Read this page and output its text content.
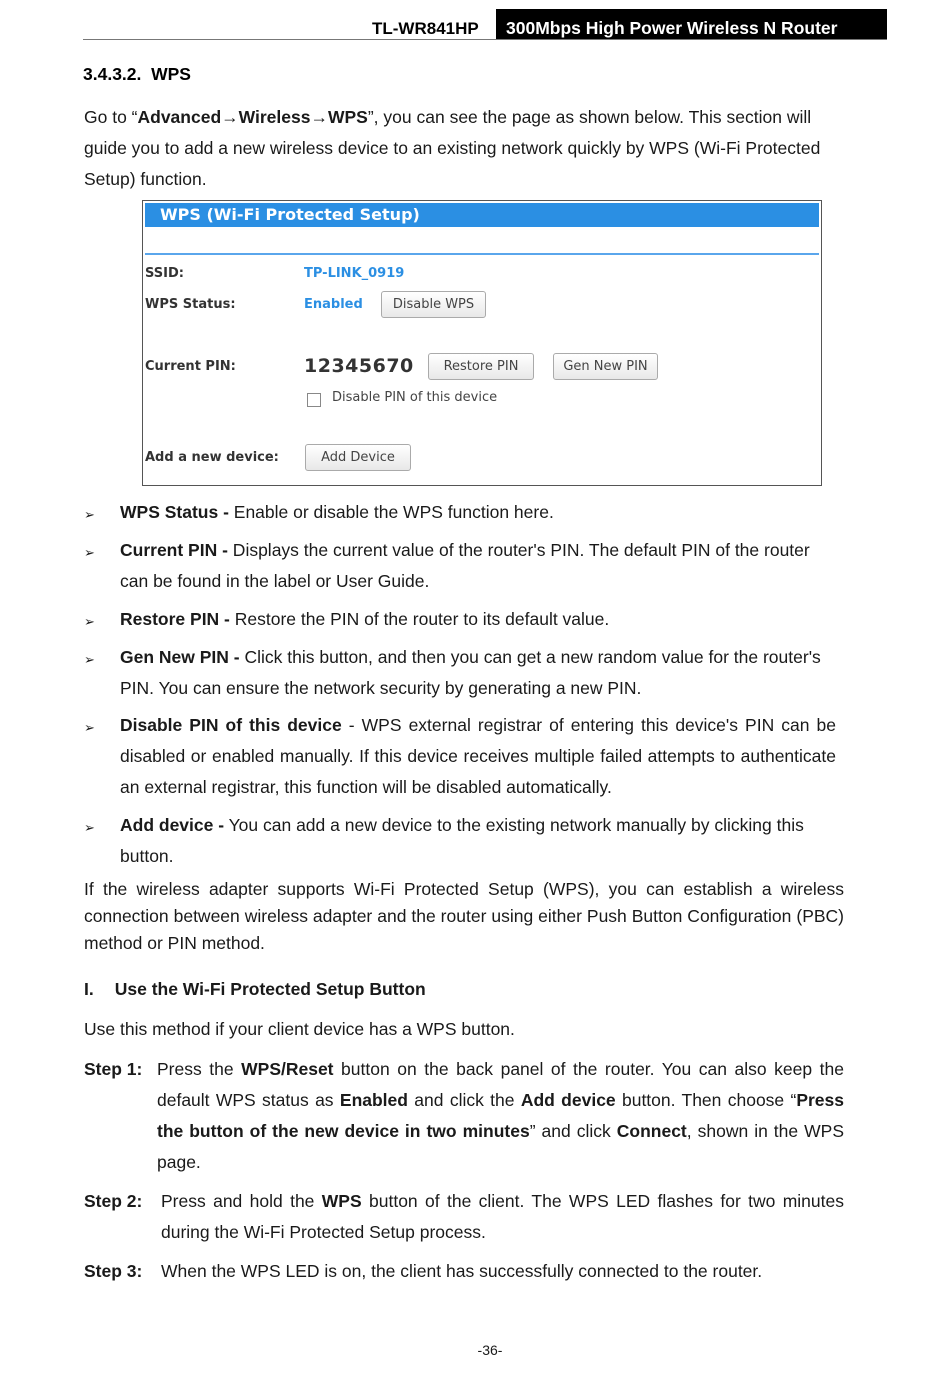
TL-WR841HP	300Mbps High Power Wireless N Router
3.4.3.2.  WPS
Go to “Advanced→Wireless→WPS”, you can see the page as shown below. This section will guide you to add a new wireless device to an existing network quickly by WPS (Wi-Fi Protected Setup) function.
WPS (Wi-Fi Protected Setup)
SSID:	TP-LINK_0919
WPS Status:	Enabled	Disable WPS
Current PIN:	12345670	Restore PIN	Gen New PIN
Disable PIN of this device
Add a new device:	Add Device
➢ WPS Status - Enable or disable the WPS function here.
➢ Current PIN - Displays the current value of the router's PIN. The default PIN of the router can be found in the label or User Guide.
➢ Restore PIN - Restore the PIN of the router to its default value.
➢ Gen New PIN - Click this button, and then you can get a new random value for the router's PIN. You can ensure the network security by generating a new PIN.
➢ Disable PIN of this device - WPS external registrar of entering this device's PIN can be disabled or enabled manually. If this device receives multiple failed attempts to authenticate an external registrar, this function will be disabled automatically.
➢ Add device - You can add a new device to the existing network manually by clicking this button.
If the wireless adapter supports Wi-Fi Protected Setup (WPS), you can establish a wireless connection between wireless adapter and the router using either Push Button Configuration (PBC) method or PIN method.
I. Use the Wi-Fi Protected Setup Button
Use this method if your client device has a WPS button.
Step 1: Press the WPS/Reset button on the back panel of the router. You can also keep the default WPS status as Enabled and click the Add device button. Then choose “Press the button of the new device in two minutes” and click Connect, shown in the WPS page.
Step 2: Press and hold the WPS button of the client. The WPS LED flashes for two minutes during the Wi-Fi Protected Setup process.
Step 3: When the WPS LED is on, the client has successfully connected to the router.
-36-
